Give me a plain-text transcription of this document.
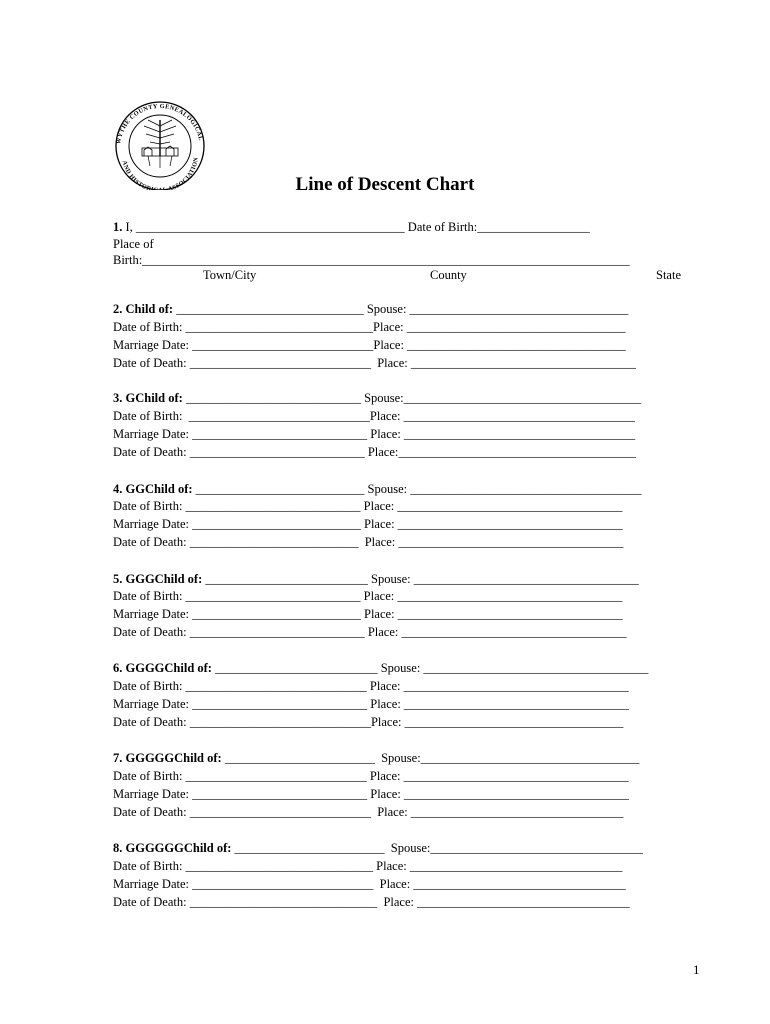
WYTHE COUNTY GENEALOGICAL
AND HISTORI ASSOCIATION
Line of Descent Chart
1. I, ___________________________________________ Date of Birth:__________________
Place of
Birth:______________________________________________________________________________
Town/City	County	State
2. Child of: ______________________________ Spouse: ___________________________________
Date of Birth: ______________________________Place: ___________________________________
Marriage Date: _____________________________Place: ___________________________________
Date of Death: _____________________________  Place: ____________________________________
3. GChild of: ____________________________ Spouse:______________________________________
Date of Birth:  _____________________________Place: _____________________________________
Marriage Date: ____________________________ Place: _____________________________________
Date of Death: ____________________________ Place:______________________________________
4. GGChild of: ___________________________ Spouse: _____________________________________
Date of Birth: ____________________________ Place: ____________________________________
Marriage Date: ___________________________ Place: ____________________________________
Date of Death: ___________________________  Place: ____________________________________
5. GGGChild of: __________________________ Spouse: ____________________________________
Date of Birth: ____________________________ Place: ____________________________________
Marriage Date: ___________________________ Place: ____________________________________
Date of Death: ____________________________ Place: ____________________________________
6. GGGGChild of: __________________________ Spouse: ____________________________________
Date of Birth: _____________________________ Place: ____________________________________
Marriage Date: ____________________________ Place: ____________________________________
Date of Death: _____________________________Place: ___________________________________
7. GGGGGChild of: ________________________  Spouse:___________________________________
Date of Birth: _____________________________ Place: ____________________________________
Marriage Date: ____________________________ Place: ____________________________________
Date of Death: _____________________________  Place: __________________________________
8. GGGGGGChild of: ________________________  Spouse:__________________________________
Date of Birth: ______________________________ Place: __________________________________
Marriage Date: _____________________________  Place: __________________________________
Date of Death: ______________________________  Place: __________________________________
1
